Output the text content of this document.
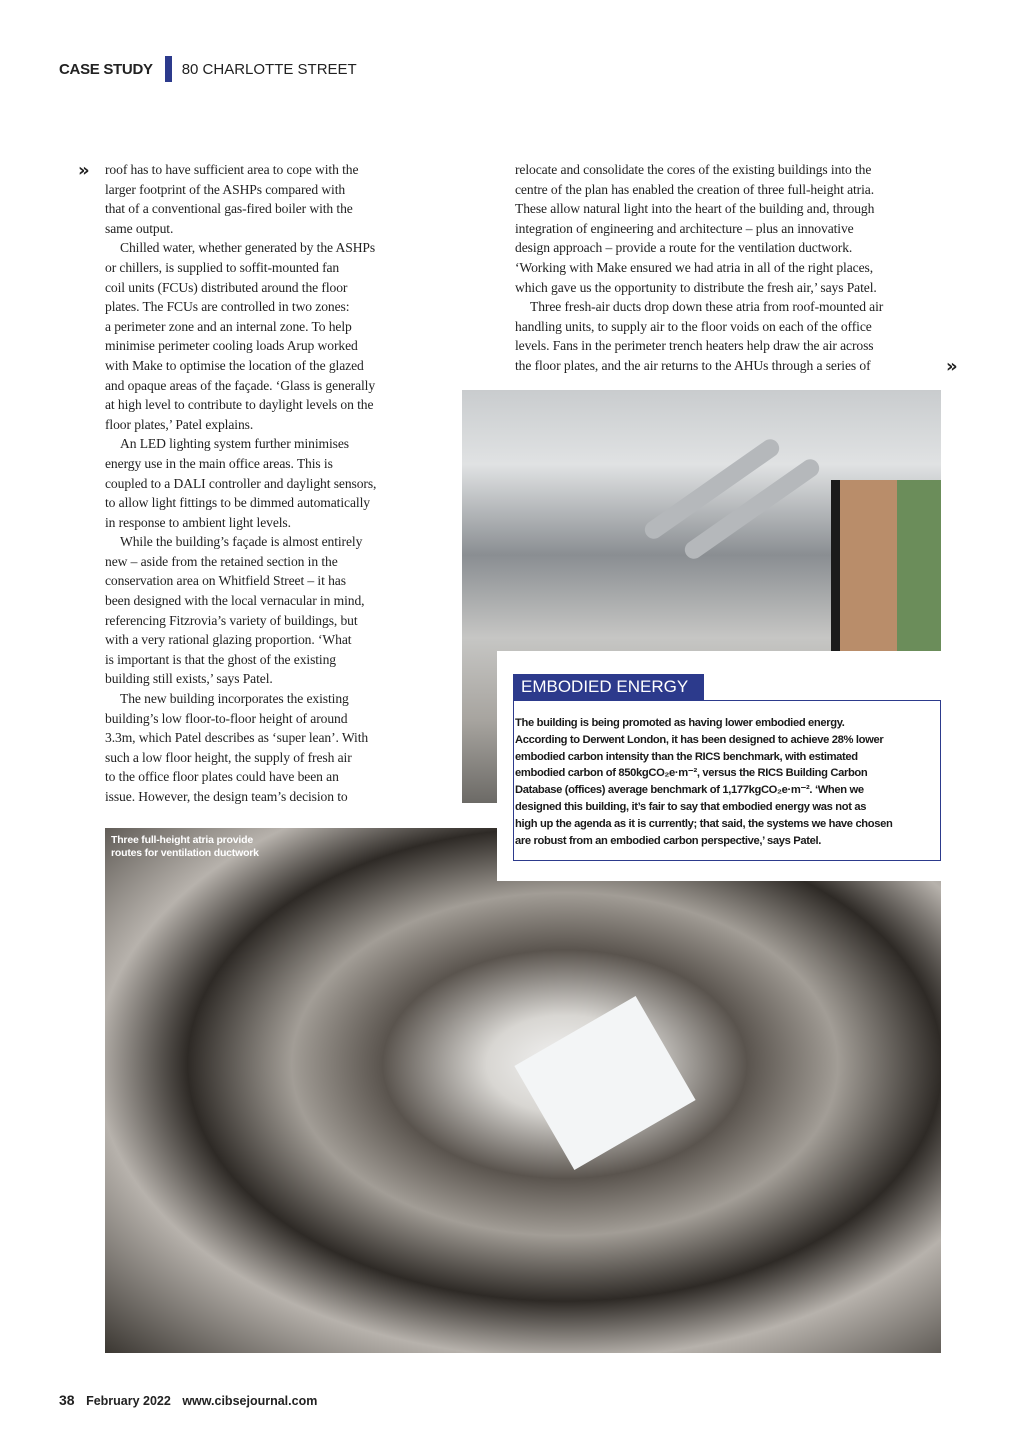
CASE STUDY 80 CHARLOTTE STREET
»
»
roof has to have sufficient area to cope with the
larger footprint of the ASHPs compared with
that of a conventional gas-fired boiler with the
same output.
Chilled water, whether generated by the ASHPs
or chillers, is supplied to soffit-mounted fan
coil units (FCUs) distributed around the floor
plates. The FCUs are controlled in two zones:
a perimeter zone and an internal zone. To help
minimise perimeter cooling loads Arup worked
with Make to optimise the location of the glazed
and opaque areas of the façade. ‘Glass is generally
at high level to contribute to daylight levels on the
floor plates,’ Patel explains.
An LED lighting system further minimises
energy use in the main office areas. This is
coupled to a DALI controller and daylight sensors,
to allow light fittings to be dimmed automatically
in response to ambient light levels.
While the building’s façade is almost entirely
new – aside from the retained section in the
conservation area on Whitfield Street – it has
been designed with the local vernacular in mind,
referencing Fitzrovia’s variety of buildings, but
with a very rational glazing proportion. ‘What
is important is that the ghost of the existing
building still exists,’ says Patel.
The new building incorporates the existing
building’s low floor-to-floor height of around
3.3m, which Patel describes as ‘super lean’. With
such a low floor height, the supply of fresh air
to the office floor plates could have been an
issue. However, the design team’s decision to
relocate and consolidate the cores of the existing buildings into the
centre of the plan has enabled the creation of three full-height atria.
These allow natural light into the heart of the building and, through
integration of engineering and architecture – plus an innovative
design approach – provide a route for the ventilation ductwork.
‘Working with Make ensured we had atria in all of the right places,
which gave us the opportunity to distribute the fresh air,’ says Patel.
Three fresh-air ducts drop down these atria from roof-mounted air
handling units, to supply air to the floor voids on each of the office
levels. Fans in the perimeter trench heaters help draw the air across
the floor plates, and the air returns to the AHUs through a series of
Three full-height atria provide
routes for ventilation ductwork
EMBODIED ENERGY
The building is being promoted as having lower embodied energy.
According to Derwent London, it has been designed to achieve 28% lower
embodied carbon intensity than the RICS benchmark, with estimated
embodied carbon of 850kgCO₂e·m⁻², versus the RICS Building Carbon
Database (offices) average benchmark of 1,177kgCO₂e·m⁻². ‘When we
designed this building, it’s fair to say that embodied energy was not as
high up the agenda as it is currently; that said, the systems we have chosen
are robust from an embodied carbon perspective,’ says Patel.
38 February 2022 www.cibsejournal.com
